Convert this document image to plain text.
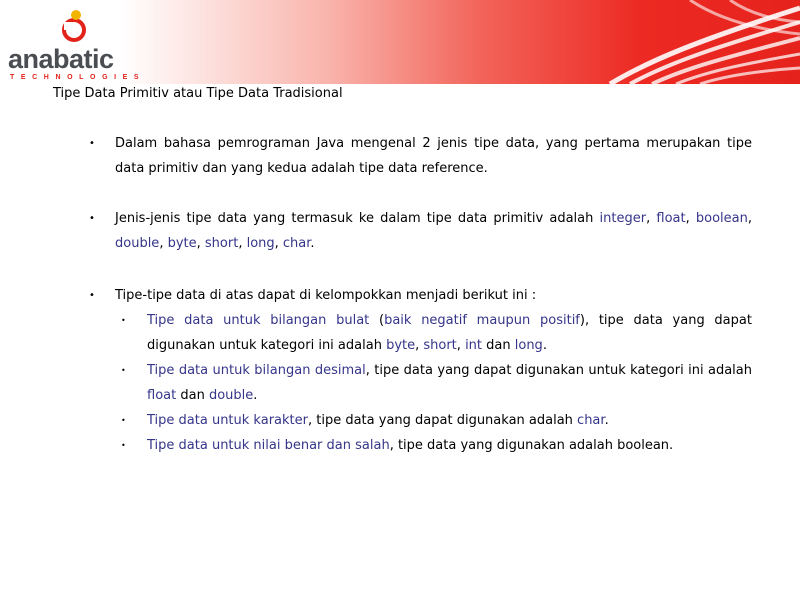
anabatic
TECHNOLOGIES
Tipe Data Primitiv atau Tipe Data Tradisional
•	Dalam bahasa pemrograman Java mengenal 2 jenis tipe data, yang pertama merupakan tipe data primitiv dan yang kedua adalah tipe data reference.
•	Jenis-jenis tipe data yang termasuk ke dalam tipe data primitiv adalah integer, float, boolean, double, byte, short, long, char.
•	Tipe-tipe data di atas dapat di kelompokkan menjadi berikut ini :
•	Tipe data untuk bilangan bulat (baik negatif maupun positif), tipe data yang dapat digunakan untuk kategori ini adalah byte, short, int dan long.
•	Tipe data untuk bilangan desimal, tipe data yang dapat digunakan untuk kategori ini adalah float dan double.
•	Tipe data untuk karakter, tipe data yang dapat digunakan adalah char.
•	Tipe data untuk nilai benar dan salah, tipe data yang digunakan adalah boolean.
